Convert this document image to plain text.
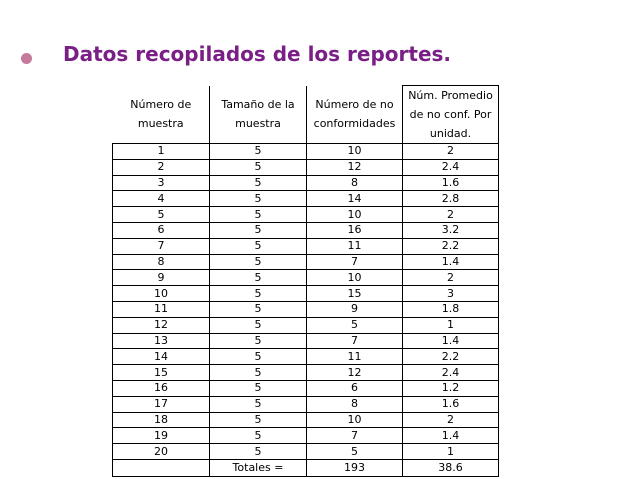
Datos recopilados de los reportes.
Número de muestra	Tamaño de la muestra	Número de no conformidades	Núm. Promedio de no conf. Por unidad.
1	5	10	2
2	5	12	2.4
3	5	8	1.6
4	5	14	2.8
5	5	10	2
6	5	16	3.2
7	5	11	2.2
8	5	7	1.4
9	5	10	2
10	5	15	3
11	5	9	1.8
12	5	5	1
13	5	7	1.4
14	5	11	2.2
15	5	12	2.4
16	5	6	1.2
17	5	8	1.6
18	5	10	2
19	5	7	1.4
20	5	5	1
	Totales =	193	38.6
